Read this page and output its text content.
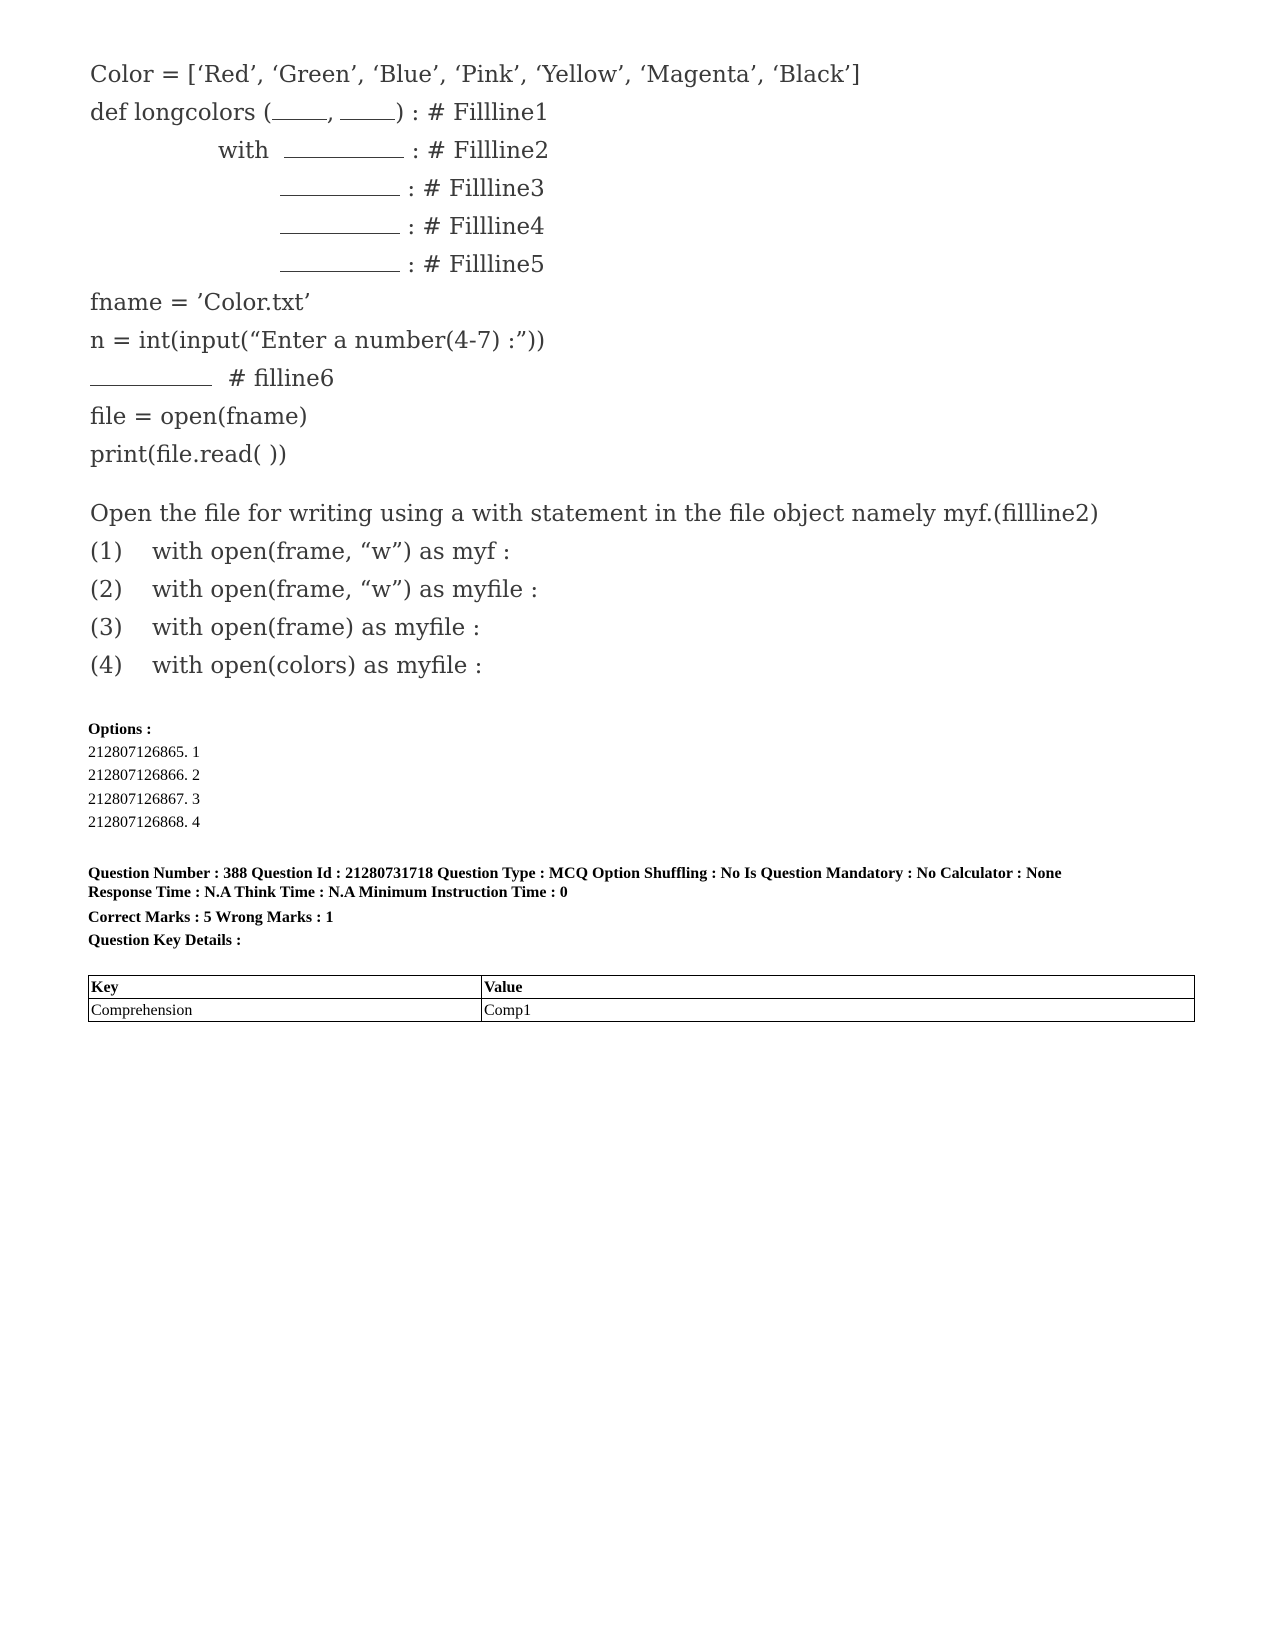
Color = [‘Red’, ‘Green’, ‘Blue’, ‘Pink’, ‘Yellow’, ‘Magenta’, ‘Black’]
def longcolors ( ,	) : # Fillline1
with	: # Fillline2
: # Fillline3
: # Fillline4
: # Fillline5
fname = ’Color.txt’
n = int(input(“Enter a number(4-7) :”))
# filline6
file = open(fname)
print(file.read( ))
Open the file for writing using a with statement in the file object namely myf.(fillline2)
(1) with open(frame, “w”) as myf :
(2) with open(frame, “w”) as myfile :
(3) with open(frame) as myfile :
(4) with open(colors) as myfile :
Options :
212807126865. 1
212807126866. 2
212807126867. 3
212807126868. 4
Question Number : 388 Question Id : 21280731718 Question Type : MCQ Option Shuffling : No Is Question Mandatory : No Calculator : None
Response Time : N.A Think Time : N.A Minimum Instruction Time : 0
Correct Marks : 5 Wrong Marks : 1
Question Key Details :
Key	Value
Comprehension	Comp1
